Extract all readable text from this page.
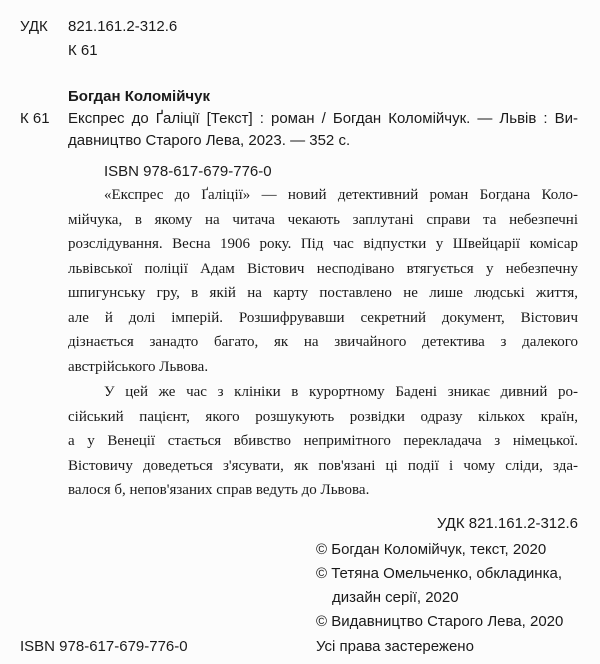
УДК 821.161.2-312.6
К 61
Богдан Коломійчук
К 61 Експрес до Ґаліції [Текст] : роман / Богдан Коломійчук. — Львів : Ви-
давництво Старого Лева, 2023. — 352 с.
ISBN 978-617-679-776-0
«Експрес до Ґаліції» — новий детективний роман Богдана Коло-
мійчука, в якому на читача чекають заплутані справи та небезпечні
розслідування. Весна 1906 року. Під час відпустки у Швейцарії комісар
львівської поліції Адам Вістович несподівано втягується у небезпечну
шпигунську гру, в якій на карту поставлено не лише людські життя,
але й долі імперій. Розшифрувавши секретний документ, Вістович
дізнається занадто багато, як на звичайного детектива з далекого
австрійського Львова.
У цей же час з клініки в курортному Бадені зникає дивний ро-
сійський пацієнт, якого розшукують розвідки одразу кількох країн,
а у Венеції стається вбивство непримітного перекладача з німецької.
Вістовичу доведеться з'ясувати, як пов'язані ці події і чому сліди, зда-
валося б, непов'язаних справ ведуть до Львова.
УДК 821.161.2-312.6
© Богдан Коломійчук, текст, 2020
© Тетяна Омельченко, обкладинка,
дизайн серії, 2020
© Видавництво Старого Лева, 2020
ISBN 978-617-679-776-0	Усі права застережено
